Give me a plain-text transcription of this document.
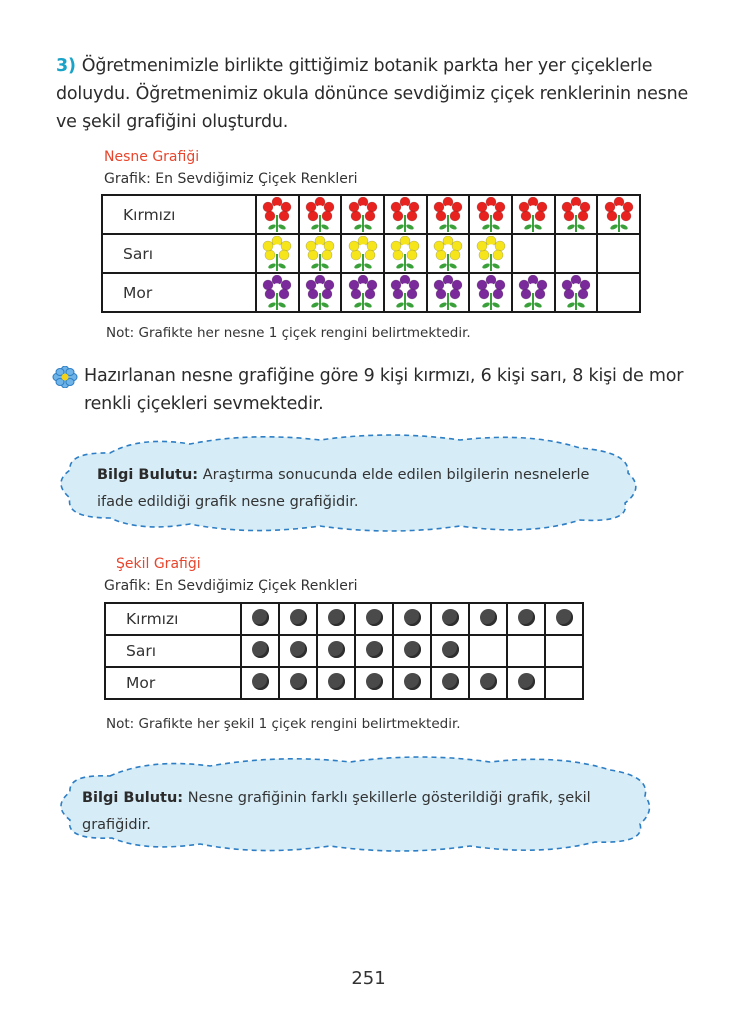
3) Öğretmenimizle birlikte gittiğimiz botanik parkta her yer çiçeklerle doluydu. Öğretmenimiz okula dönünce sevdiğimiz çiçek renklerinin nesne ve şekil grafiğini oluşturdu.
Nesne Grafiği
Grafik: En Sevdiğimiz Çiçek Renkleri
Kırmızı	

Sarı	

Mor	

Not: Grafikte her nesne 1 çiçek rengini belirtmektedir.
Hazırlanan nesne grafiğine göre 9 kişi kırmızı, 6 kişi sarı, 8 kişi de mor renkli çiçekleri sevmektedir.
Bilgi Bulutu: Araştırma sonucunda elde edilen bilgilerin nesnelerle ifade edildiği grafik nesne grafiğidir.
Şekil Grafiği
Grafik: En Sevdiğimiz Çiçek Renkleri
Kırmızı									
Sarı									
Mor									
Not: Grafikte her şekil 1 çiçek rengini belirtmektedir.
Bilgi Bulutu: Nesne grafiğinin farklı şekillerle gösterildiği grafik, şekil grafiğidir.
251
